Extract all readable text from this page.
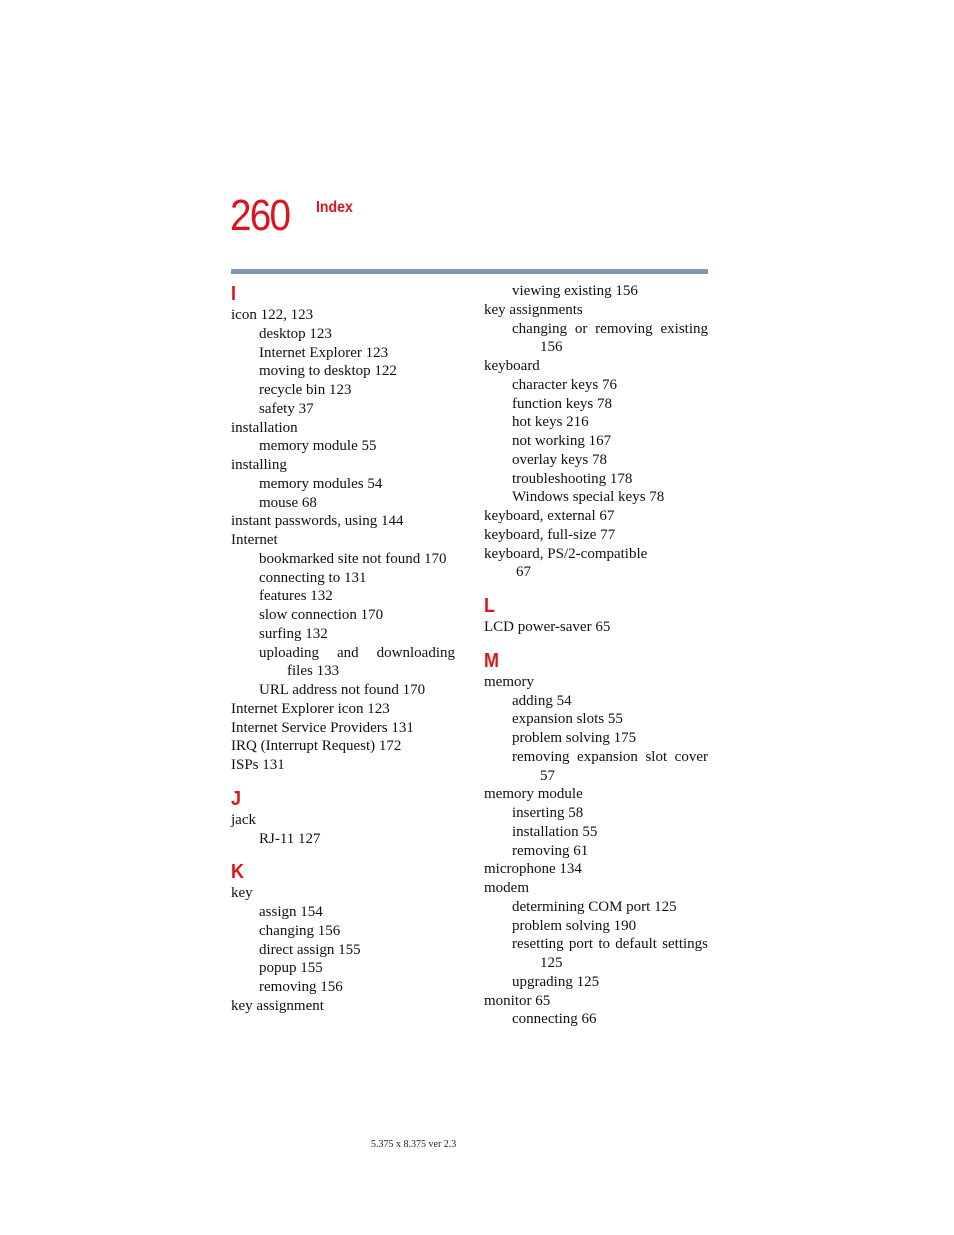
260 Index
I
icon 122, 123
desktop 123
Internet Explorer 123
moving to desktop 122
recycle bin 123
safety 37
installation
memory module 55
installing
memory modules 54
mouse 68
instant passwords, using 144
Internet
bookmarked site not found 170
connecting to 131
features 132
slow connection 170
surfing 132
uploading and downloading
files 133
URL address not found 170
Internet Explorer icon 123
Internet Service Providers 131
IRQ (Interrupt Request) 172
ISPs 131
J
jack
RJ-11 127
K
key
assign 154
changing 156
direct assign 155
popup 155
removing 156
key assignment
viewing existing 156
key assignments
changing or removing existing
156
keyboard
character keys 76
function keys 78
hot keys 216
not working 167
overlay keys 78
troubleshooting 178
Windows special keys 78
keyboard, external 67
keyboard, full-size 77
keyboard, PS/2-compatible
67
L
LCD power-saver 65
M
memory
adding 54
expansion slots 55
problem solving 175
removing expansion slot cover
57
memory module
inserting 58
installation 55
removing 61
microphone 134
modem
determining COM port 125
problem solving 190
resetting port to default settings
125
upgrading 125
monitor 65
connecting 66
5.375 x 8.375 ver 2.3
